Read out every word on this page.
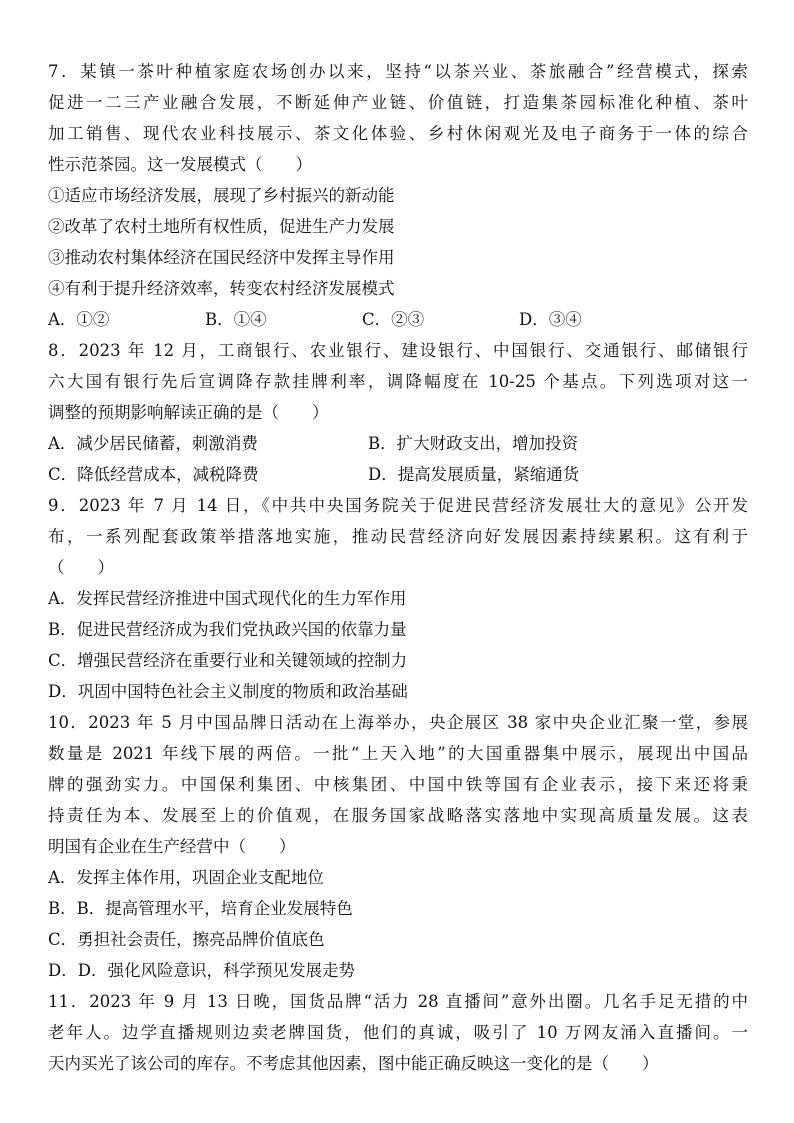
7．某镇一茶叶种植家庭农场创办以来，坚持“以茶兴业、茶旅融合”经营模式，探索
促进一二三产业融合发展，不断延伸产业链、价值链，打造集茶园标准化种植、茶叶
加工销售、现代农业科技展示、茶文化体验、乡村休闲观光及电子商务于一体的综合
性示范茶园。这一发展模式（　　）
①适应市场经济发展，展现了乡村振兴的新动能
②改革了农村土地所有权性质，促进生产力发展
③推动农村集体经济在国民经济中发挥主导作用
④有利于提升经济效率，转变农村经济发展模式
A．①②	B．①④	C．②③	D．③④
8．2023 年 12 月，工商银行、农业银行、建设银行、中国银行、交通银行、邮储银行
六大国有银行先后宣调降存款挂牌利率，调降幅度在 10-25 个基点。下列选项对这一
调整的预期影响解读正确的是（　　）
A．减少居民储蓄，刺激消费	B．扩大财政支出，增加投资
C．降低经营成本，减税降费	D．提高发展质量，紧缩通货
9．2023 年 7 月 14 日，《中共中央国务院关于促进民营经济发展壮大的意见》公开发
布，一系列配套政策举措落地实施，推动民营经济向好发展因素持续累积。这有利于
（　　）
A．发挥民营经济推进中国式现代化的生力军作用
B．促进民营经济成为我们党执政兴国的依靠力量
C．增强民营经济在重要行业和关键领域的控制力
D．巩固中国特色社会主义制度的物质和政治基础
10．2023 年 5 月中国品牌日活动在上海举办，央企展区 38 家中央企业汇聚一堂，参展
数量是 2021 年线下展的两倍。一批“上天入地”的大国重器集中展示，展现出中国品
牌的强劲实力。中国保利集团、中核集团、中国中铁等国有企业表示，接下来还将秉
持责任为本、发展至上的价值观，在服务国家战略落实落地中实现高质量发展。这表
明国有企业在生产经营中（　　）
A．发挥主体作用，巩固企业支配地位
B．B．提高管理水平，培育企业发展特色
C．勇担社会责任，擦亮品牌价值底色
D．D．强化风险意识，科学预见发展走势
11．2023 年 9 月 13 日晚，国货品牌“活力 28 直播间”意外出圈。几名手足无措的中
老年人。边学直播规则边卖老牌国货，他们的真诚，吸引了 10 万网友涌入直播间。一
天内买光了该公司的库存。不考虑其他因素，图中能正确反映这一变化的是（　　）
